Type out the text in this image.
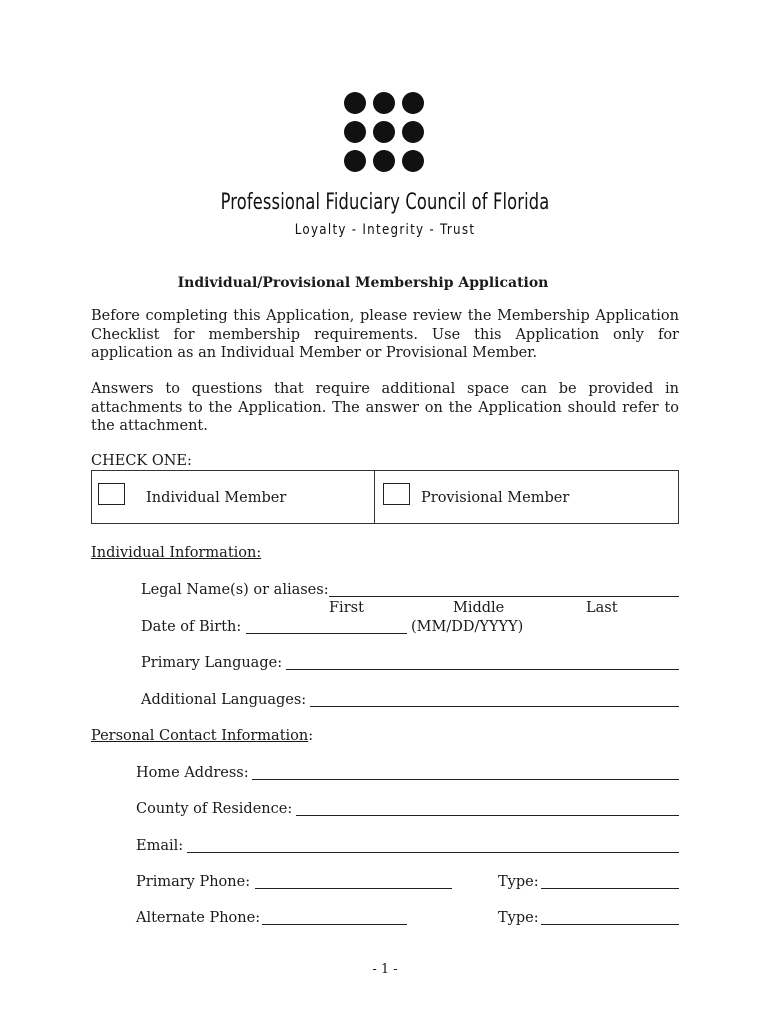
Professional Fiduciary Council of Florida
Loyalty - Integrity - Trust
Individual/Provisional Membership Application
Before completing this Application, please review the Membership Application Checklist for membership requirements. Use this Application only for application as an Individual Member or Provisional Member.
Answers to questions that require additional space can be provided in attachments to the Application. The answer on the Application should refer to the attachment.
CHECK ONE:
Individual Member	Provisional Member
Individual Information:
Legal Name(s) or aliases:
First	Middle	Last
Date of Birth:	(MM/DD/YYYY)
Primary Language:
Additional Languages:
Personal Contact Information:
Home Address:
County of Residence:
Email:
Primary Phone:	Type:
Alternate Phone:	Type:
- 1 -
